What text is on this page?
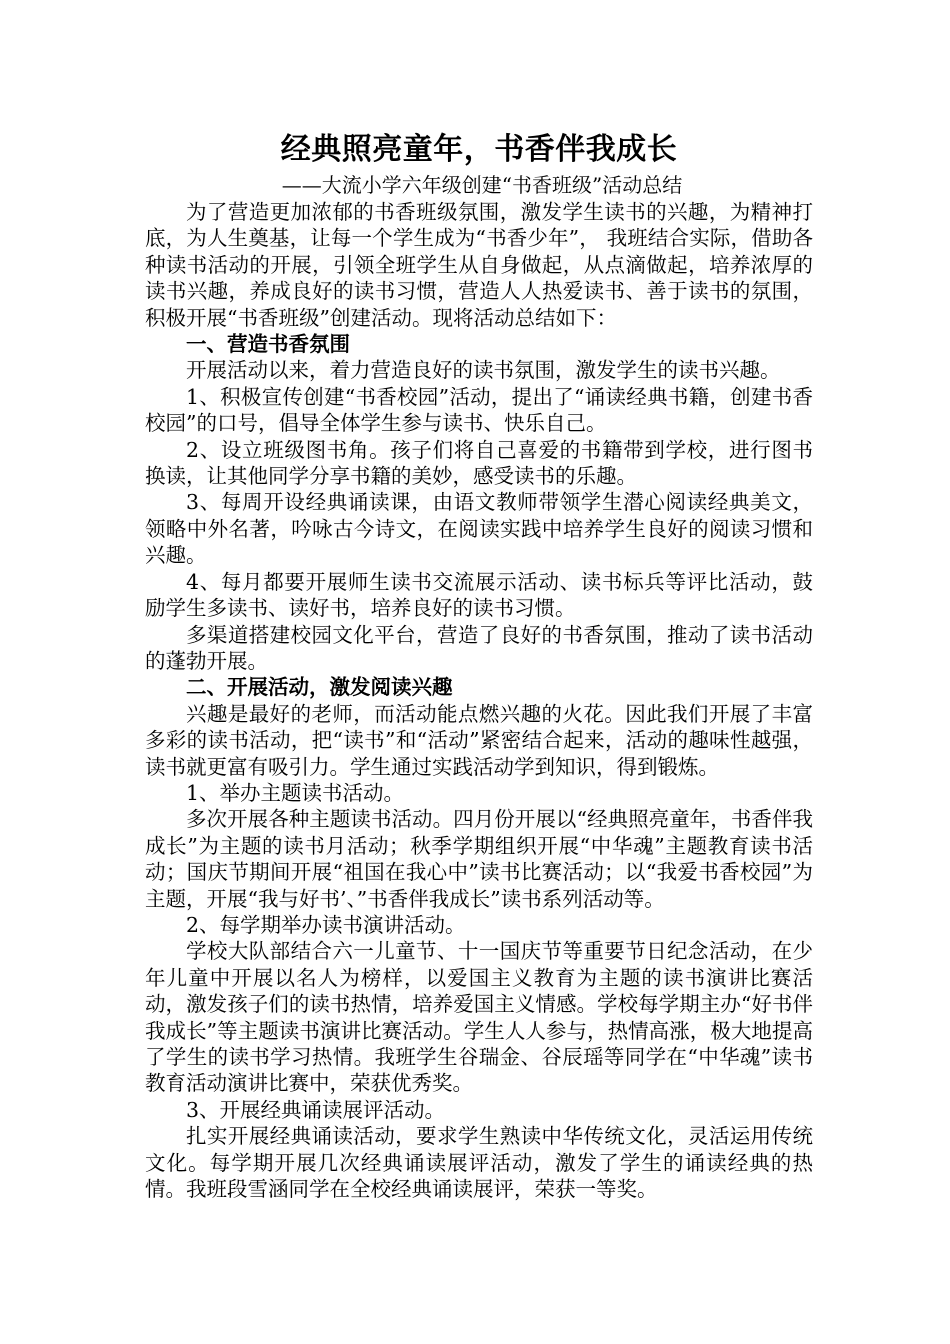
经典照亮童年，书香伴我成长

——大流小学六年级创建“书香班级”活动总结

为了营造更加浓郁的书香班级氛围，激发学生读书的兴趣，为精神打底，为人生奠基，让每一个学生成为“书香少年”， 我班结合实际，借助各种读书活动的开展，引领全班学生从自身做起，从点滴做起，培养浓厚的读书兴趣，养成良好的读书习惯，营造人人热爱读书、善于读书的氛围，积极开展“书香班级”创建活动。现将活动总结如下：

一、营造书香氛围

开展活动以来，着力营造良好的读书氛围，激发学生的读书兴趣。

1、积极宣传创建“书香校园”活动，提出了“诵读经典书籍，创建书香校园”的口号，倡导全体学生参与读书、快乐自己。

2、设立班级图书角。孩子们将自己喜爱的书籍带到学校，进行图书换读，让其他同学分享书籍的美妙，感受读书的乐趣。

3、每周开设经典诵读课，由语文教师带领学生潜心阅读经典美文，领略中外名著，吟咏古今诗文，在阅读实践中培养学生良好的阅读习惯和兴趣。

4、每月都要开展师生读书交流展示活动、读书标兵等评比活动，鼓励学生多读书、读好书，培养良好的读书习惯。

多渠道搭建校园文化平台，营造了良好的书香氛围，推动了读书活动的蓬勃开展。

二、开展活动，激发阅读兴趣

兴趣是最好的老师，而活动能点燃兴趣的火花。因此我们开展了丰富多彩的读书活动，把“读书”和“活动”紧密结合起来，活动的趣味性越强，读书就更富有吸引力。学生通过实践活动学到知识，得到锻炼。

1、举办主题读书活动。

多次开展各种主题读书活动。四月份开展以“经典照亮童年，书香伴我成长”为主题的读书月活动；秋季学期组织开展“中华魂”主题教育读书活动；国庆节期间开展“祖国在我心中”读书比赛活动；以“我爱书香校园”为主题，开展“我与好书’、”书香伴我成长”读书系列活动等。

2、每学期举办读书演讲活动。

学校大队部结合六一儿童节、十一国庆节等重要节日纪念活动，在少年儿童中开展以名人为榜样，以爱国主义教育为主题的读书演讲比赛活动，激发孩子们的读书热情，培养爱国主义情感。学校每学期主办“好书伴我成长”等主题读书演讲比赛活动。学生人人参与，热情高涨，极大地提高了学生的读书学习热情。我班学生谷瑞金、谷辰瑶等同学在“中华魂”读书教育活动演讲比赛中，荣获优秀奖。

3、开展经典诵读展评活动。

扎实开展经典诵读活动，要求学生熟读中华传统文化，灵活运用传统文化。每学期开展几次经典诵读展评活动，激发了学生的诵读经典的热情。我班段雪涵同学在全校经典诵读展评，荣获一等奖。
